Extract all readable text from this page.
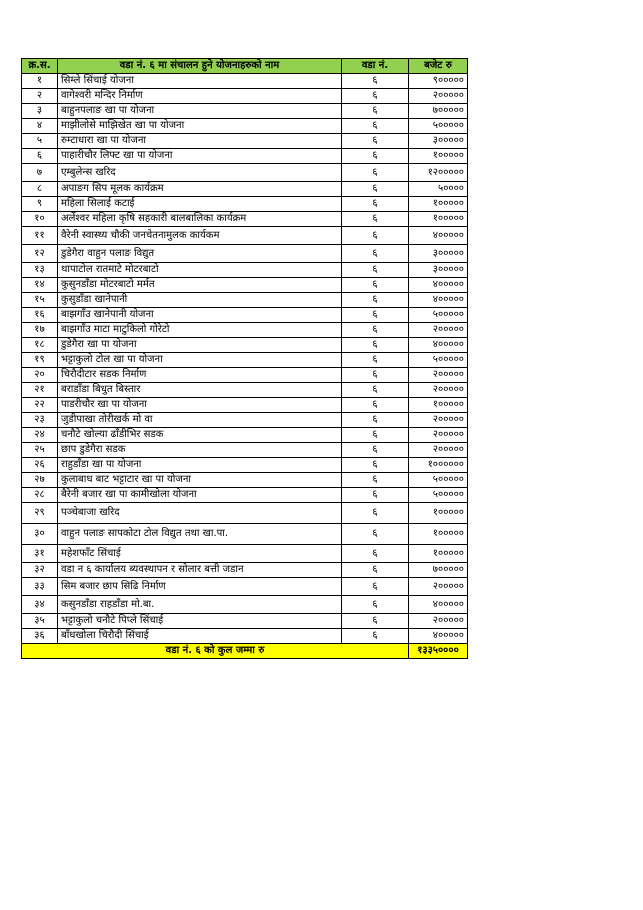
क्र.स.	वडा नं. ६ मा संचालन हुने योजनाहरुको नाम	वडा नं.	बजेट रु
१	सिम्ले सिंचाई योजना	६	९०००००
२	वागेश्वरी मन्दिर निर्माण	६	२०००००
३	बाहुनपलाङ खा पा योजना	६	७०००००
४	माझीलोसे माझिखेत खा पा योजना	६	५०००००
५	रुम्टाधारा खा पा योजना	६	३०००००
६	पाहारीचौर लिफ्ट खा पा योजना	६	१०००००
७	एम्बुलेन्स खरिद	६	१२०००००
८	अपाङग सिप मूलक कार्यक्रम	६	५००००
९	महिला सिलाई कटाई	६	१०००००
१०	अर्लेश्वर महिला कृषि सहकारी बालबालिका कार्यक्रम	६	१०००००
११	वैरेनी स्वास्थ्य चौकी जनचेतनामुलक कार्यकम	६	४०००००
१२	डुडेगैरा वाहुन पलाङ विद्युत	६	३०००००
१३	थापाटोल रातमाटे मोटरबाटो	६	३०००००
१४	कुसुनडाँडा मोटरबाटो मर्मत	६	४०००००
१५	कुसुडाँडा खानेपानी	६	४०००००
१६	बाझगाँउ खानेपानी योजना	६	५०००००
१७	बाझगाँउ माटा माटुकिलो गोरेटो	६	२०००००
१८	डुडेगैरा खा पा योजना	६	४०००००
१९	भट्टाकुलो टोल खा पा योजना	६	५०००००
२०	चिरौदीटार सडक निर्माण	६	२०००००
२१	बराडाँडा बिधुत बिस्तार	६	२०००००
२२	पाडरीचौर खा पा योजना	६	१०००००
२३	जुडीपाखा तोरीखर्क मो वा	६	२०००००
२४	चनौटे खोल्या ढाँडीभिर सडक	६	२०००००
२५	छाप डुडेगैरा सडक	६	२०००००
२६	राहुडाँडा खा पा योजना	६	१००००००
२७	कुलाबाध बाट भट्टाटार खा पा योजना	६	५०००००
२८	बैरेनी बजार खा पा कामीखोला योजना	६	५०००००
२९	पञ्चेबाजा खरिद	६	१०००००
३०	वाहुन पलाङ सापकोटा टोल विद्युत तथा खा.पा.	६	१०००००
३१	महेशफाँट सिंचाई	६	१०००००
३२	वडा न ६ कार्यालय ब्यवस्थापन र सोलार बत्ती जडान	६	७०००००
३३	सिम बजार छाप सिढि निर्माण	६	२०००००
३४	कसुनडाँडा राहडाँडा मो.बा.	६	४०००००
३५	भट्टाकुलो चनौटे पिप्ले सिंचाई	६	२०००००
३६	बाँधखोला चिरौदी सिंचाई	६	४०००००
वडा नं. ६ को कुल जम्मा रु			१३३५००००
